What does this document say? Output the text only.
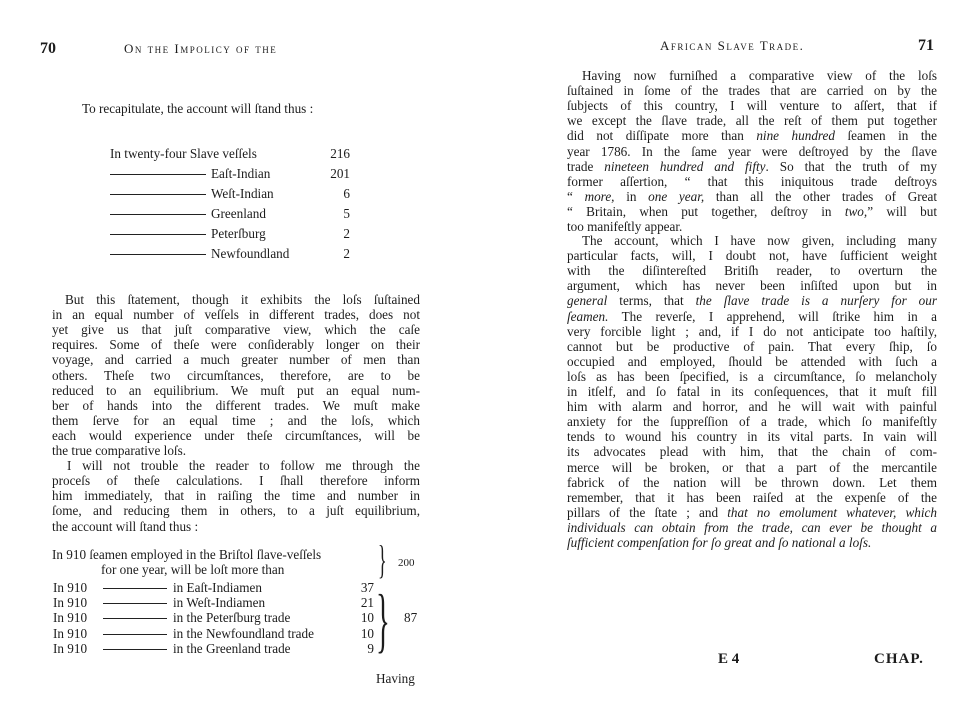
70	On the Impolicy of the
To recapitulate, the account will ſtand thus :
In twenty-four Slave veſſels	216
Eaſt-Indian	201
Weſt-Indian	6
Greenland	5
Peterſburg	2
Newfoundland	2
But this ſtatement, though it exhibits the loſs ſuſtained
in an equal number of veſſels in different trades, does not
yet give us that juſt comparative view, which the caſe
requires. Some of theſe were conſiderably longer on their
voyage, and carried a much greater number of men than
others. Theſe two circumſtances, therefore, are to be
reduced to an equilibrium. We muſt put an equal num-
ber of hands into the different trades. We muſt make
them ſerve for an equal time ; and the loſs, which
each would experience under theſe circumſtances, will be
the true comparative loſs.
I will not trouble the reader to follow me through the
proceſs of theſe calculations. I ſhall therefore inform
him immediately, that in raiſing the time and number in
ſome, and reducing them in others, to a juſt equilibrium,
the account will ſtand thus :
In 910 ſeamen employed in the Briſtol ſlave-veſſels
for one year, will be loſt more than } 200
In 910	in Eaſt-Indiamen	37
In 910	in Weſt-Indiamen	21
In 910	in the Peterſburg trade	10
In 910	in the Newfoundland trade	10
In 910	in the Greenland trade	9 } 87
Having
African Slave Trade.	71
Having now furniſhed a comparative view of the loſs
ſuſtained in ſome of the trades that are carried on by the
ſubjects of this country, I will venture to aſſert, that if
we except the ſlave trade, all the reſt of them put together
did not diſſipate more than nine hundred ſeamen in the
year 1786. In the ſame year were deſtroyed by the ſlave
trade nineteen hundred and fifty. So that the truth of my
former aſſertion, “ that this iniquitous trade deſtroys
“ more, in one year, than all the other trades of Great
“ Britain, when put together, deſtroy in two,” will but
too manifeſtly appear.
The account, which I have now given, including many
particular facts, will, I doubt not, have ſufficient weight
with the diſintereſted Britiſh reader, to overturn the
argument, which has never been inſiſted upon but in
general terms, that the ſlave trade is a nurſery for our
ſeamen. The reverſe, I apprehend, will ſtrike him in a
very forcible light ; and, if I do not anticipate too haſtily,
cannot but be productive of pain. That every ſhip, ſo
occupied and employed, ſhould be attended with ſuch a
loſs as has been ſpecified, is a circumſtance, ſo melancholy
in itſelf, and ſo fatal in its conſequences, that it muſt fill
him with alarm and horror, and he will wait with painful
anxiety for the ſuppreſſion of a trade, which ſo manifeſtly
tends to wound his country in its vital parts. In vain will
its advocates plead with him, that the chain of com-
merce will be broken, or that a part of the mercantile
fabrick of the nation will be thrown down. Let them
remember, that it has been raiſed at the expenſe of the
pillars of the ſtate ; and that no emolument whatever, which
individuals can obtain from the trade, can ever be thought a
ſufficient compenſation for ſo great and ſo national a loſs.
E 4	CHAP.
